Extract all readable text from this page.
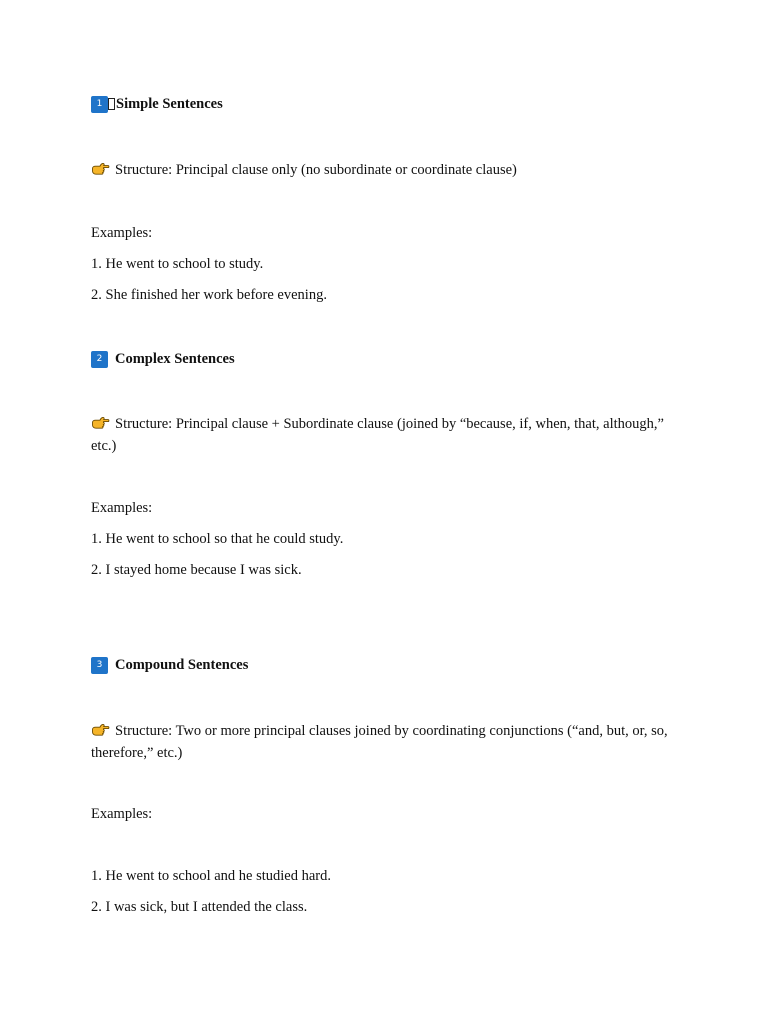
1 Simple Sentences
Structure: Principal clause only (no subordinate or coordinate clause)
Examples:
1. He went to school to study.
2. She finished her work before evening.
2 Complex Sentences
Structure: Principal clause + Subordinate clause (joined by “because, if, when, that, although,” etc.)
Examples:
1. He went to school so that he could study.
2. I stayed home because I was sick.
3 Compound Sentences
Structure: Two or more principal clauses joined by coordinating conjunctions (“and, but, or, so, therefore,” etc.)
Examples:
1. He went to school and he studied hard.
2. I was sick, but I attended the class.
